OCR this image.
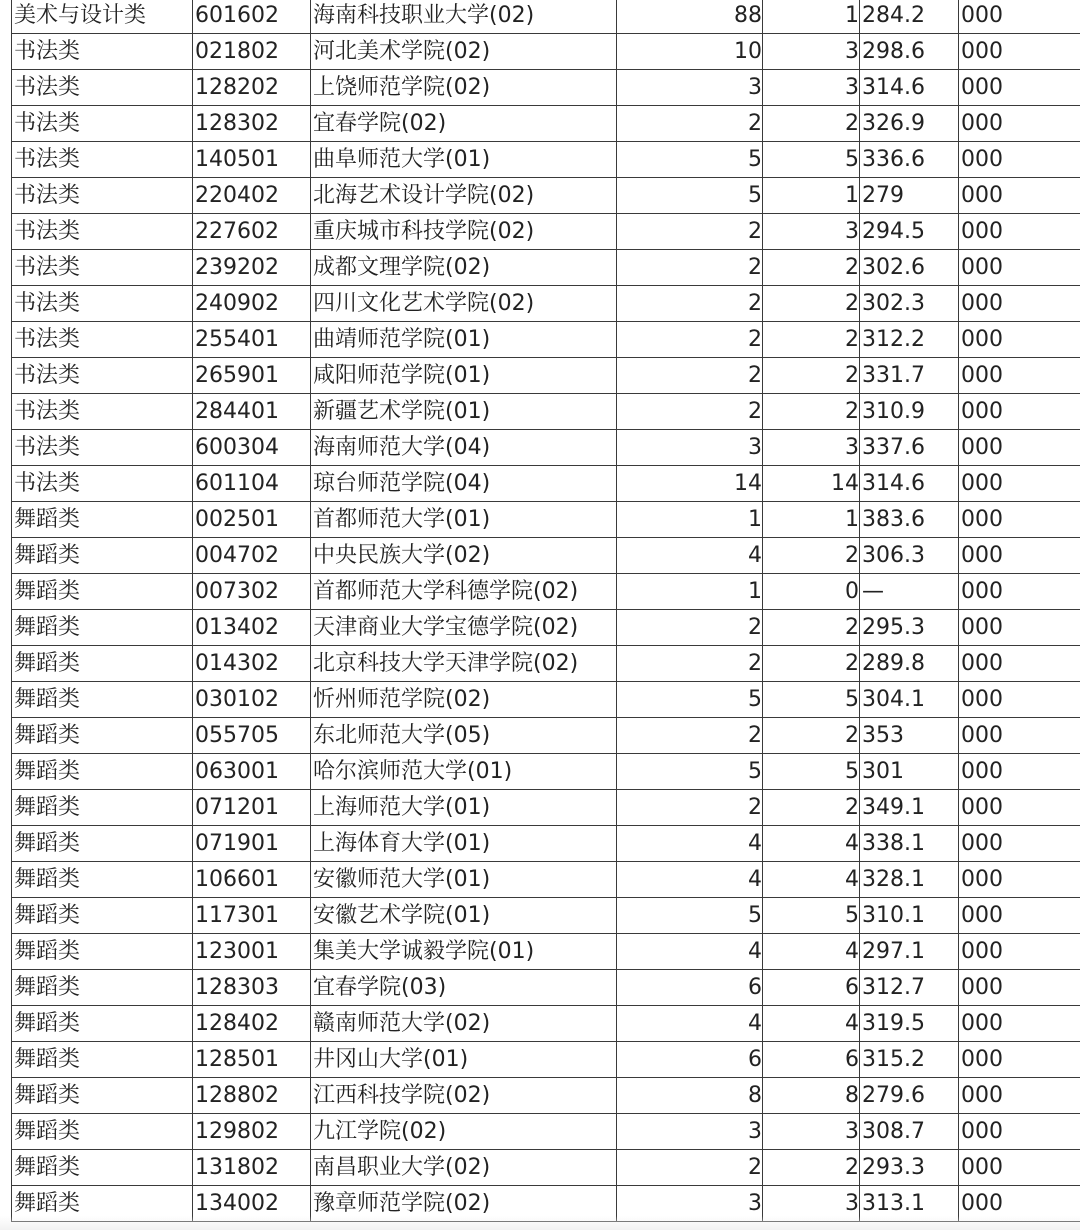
美术与设计类	601602	海南科技职业大学(02)	88	1	284.2	000
书法类	021802	河北美术学院(02)	10	3	298.6	000
书法类	128202	上饶师范学院(02)	3	3	314.6	000
书法类	128302	宜春学院(02)	2	2	326.9	000
书法类	140501	曲阜师范大学(01)	5	5	336.6	000
书法类	220402	北海艺术设计学院(02)	5	1	279	000
书法类	227602	重庆城市科技学院(02)	2	3	294.5	000
书法类	239202	成都文理学院(02)	2	2	302.6	000
书法类	240902	四川文化艺术学院(02)	2	2	302.3	000
书法类	255401	曲靖师范学院(01)	2	2	312.2	000
书法类	265901	咸阳师范学院(01)	2	2	331.7	000
书法类	284401	新疆艺术学院(01)	2	2	310.9	000
书法类	600304	海南师范大学(04)	3	3	337.6	000
书法类	601104	琼台师范学院(04)	14	14	314.6	000
舞蹈类	002501	首都师范大学(01)	1	1	383.6	000
舞蹈类	004702	中央民族大学(02)	4	2	306.3	000
舞蹈类	007302	首都师范大学科德学院(02)	1	0	—	000
舞蹈类	013402	天津商业大学宝德学院(02)	2	2	295.3	000
舞蹈类	014302	北京科技大学天津学院(02)	2	2	289.8	000
舞蹈类	030102	忻州师范学院(02)	5	5	304.1	000
舞蹈类	055705	东北师范大学(05)	2	2	353	000
舞蹈类	063001	哈尔滨师范大学(01)	5	5	301	000
舞蹈类	071201	上海师范大学(01)	2	2	349.1	000
舞蹈类	071901	上海体育大学(01)	4	4	338.1	000
舞蹈类	106601	安徽师范大学(01)	4	4	328.1	000
舞蹈类	117301	安徽艺术学院(01)	5	5	310.1	000
舞蹈类	123001	集美大学诚毅学院(01)	4	4	297.1	000
舞蹈类	128303	宜春学院(03)	6	6	312.7	000
舞蹈类	128402	赣南师范大学(02)	4	4	319.5	000
舞蹈类	128501	井冈山大学(01)	6	6	315.2	000
舞蹈类	128802	江西科技学院(02)	8	8	279.6	000
舞蹈类	129802	九江学院(02)	3	3	308.7	000
舞蹈类	131802	南昌职业大学(02)	2	2	293.3	000
舞蹈类	134002	豫章师范学院(02)	3	3	313.1	000
